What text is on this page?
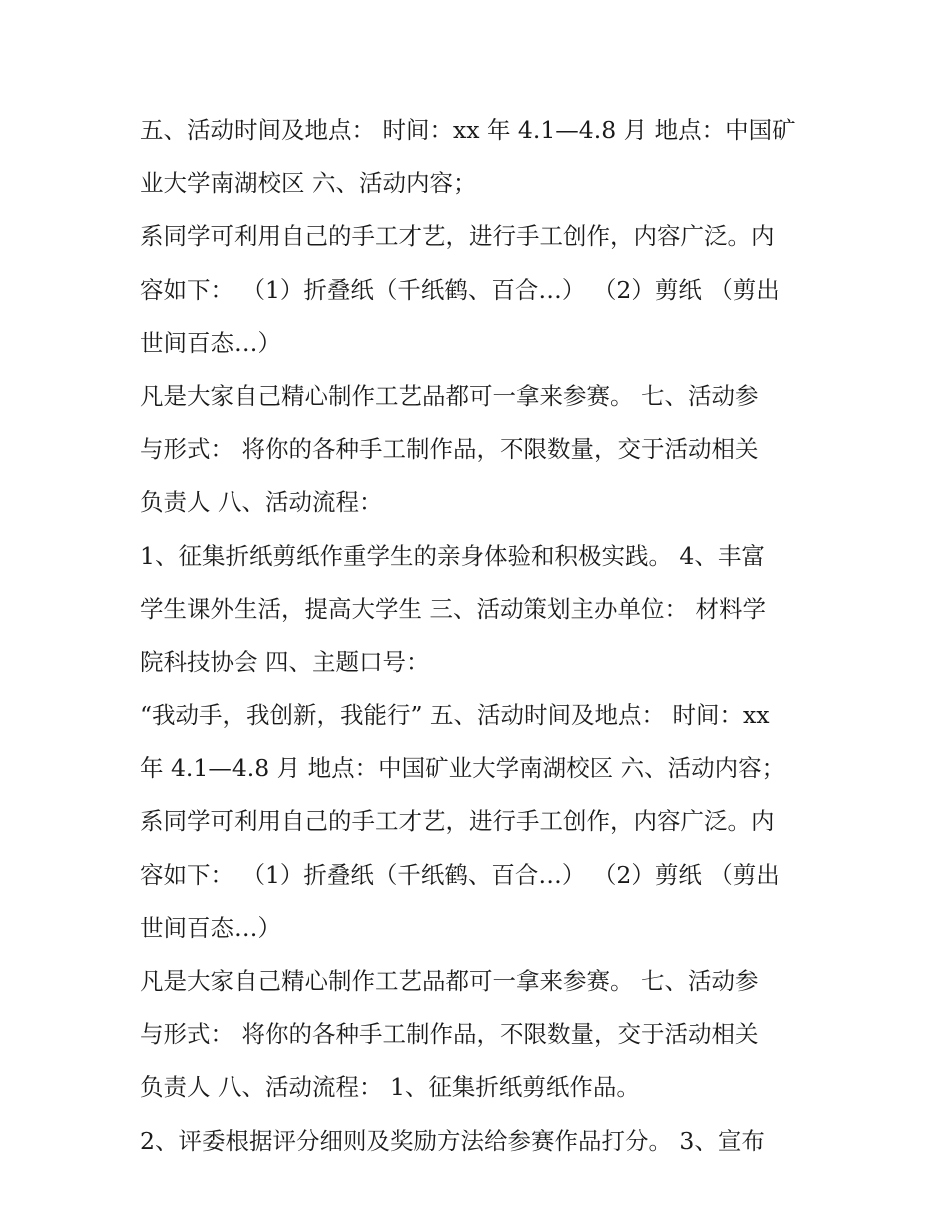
五、活动时间及地点： 时间：xx 年 4.1—4.8 月 地点：中国矿
业大学南湖校区 六、活动内容；
系同学可利用自己的手工才艺，进行手工创作，内容广泛。内
容如下： （1）折叠纸（千纸鹤、百合…） （2）剪纸 （剪出
世间百态…）
凡是大家自己精心制作工艺品都可一拿来参赛。 七、活动参
与形式： 将你的各种手工制作品，不限数量，交于活动相关
负责人 八、活动流程：
1、征集折纸剪纸作重学生的亲身体验和积极实践。 4、丰富
学生课外生活，提高大学生 三、活动策划主办单位： 材料学
院科技协会 四、主题口号：
“我动手，我创新，我能行” 五、活动时间及地点： 时间：xx
年 4.1—4.8 月 地点：中国矿业大学南湖校区 六、活动内容；
系同学可利用自己的手工才艺，进行手工创作，内容广泛。内
容如下： （1）折叠纸（千纸鹤、百合…） （2）剪纸 （剪出
世间百态…）
凡是大家自己精心制作工艺品都可一拿来参赛。 七、活动参
与形式： 将你的各种手工制作品，不限数量，交于活动相关
负责人 八、活动流程： 1、征集折纸剪纸作品。
2、评委根据评分细则及奖励方法给参赛作品打分。 3、宣布
